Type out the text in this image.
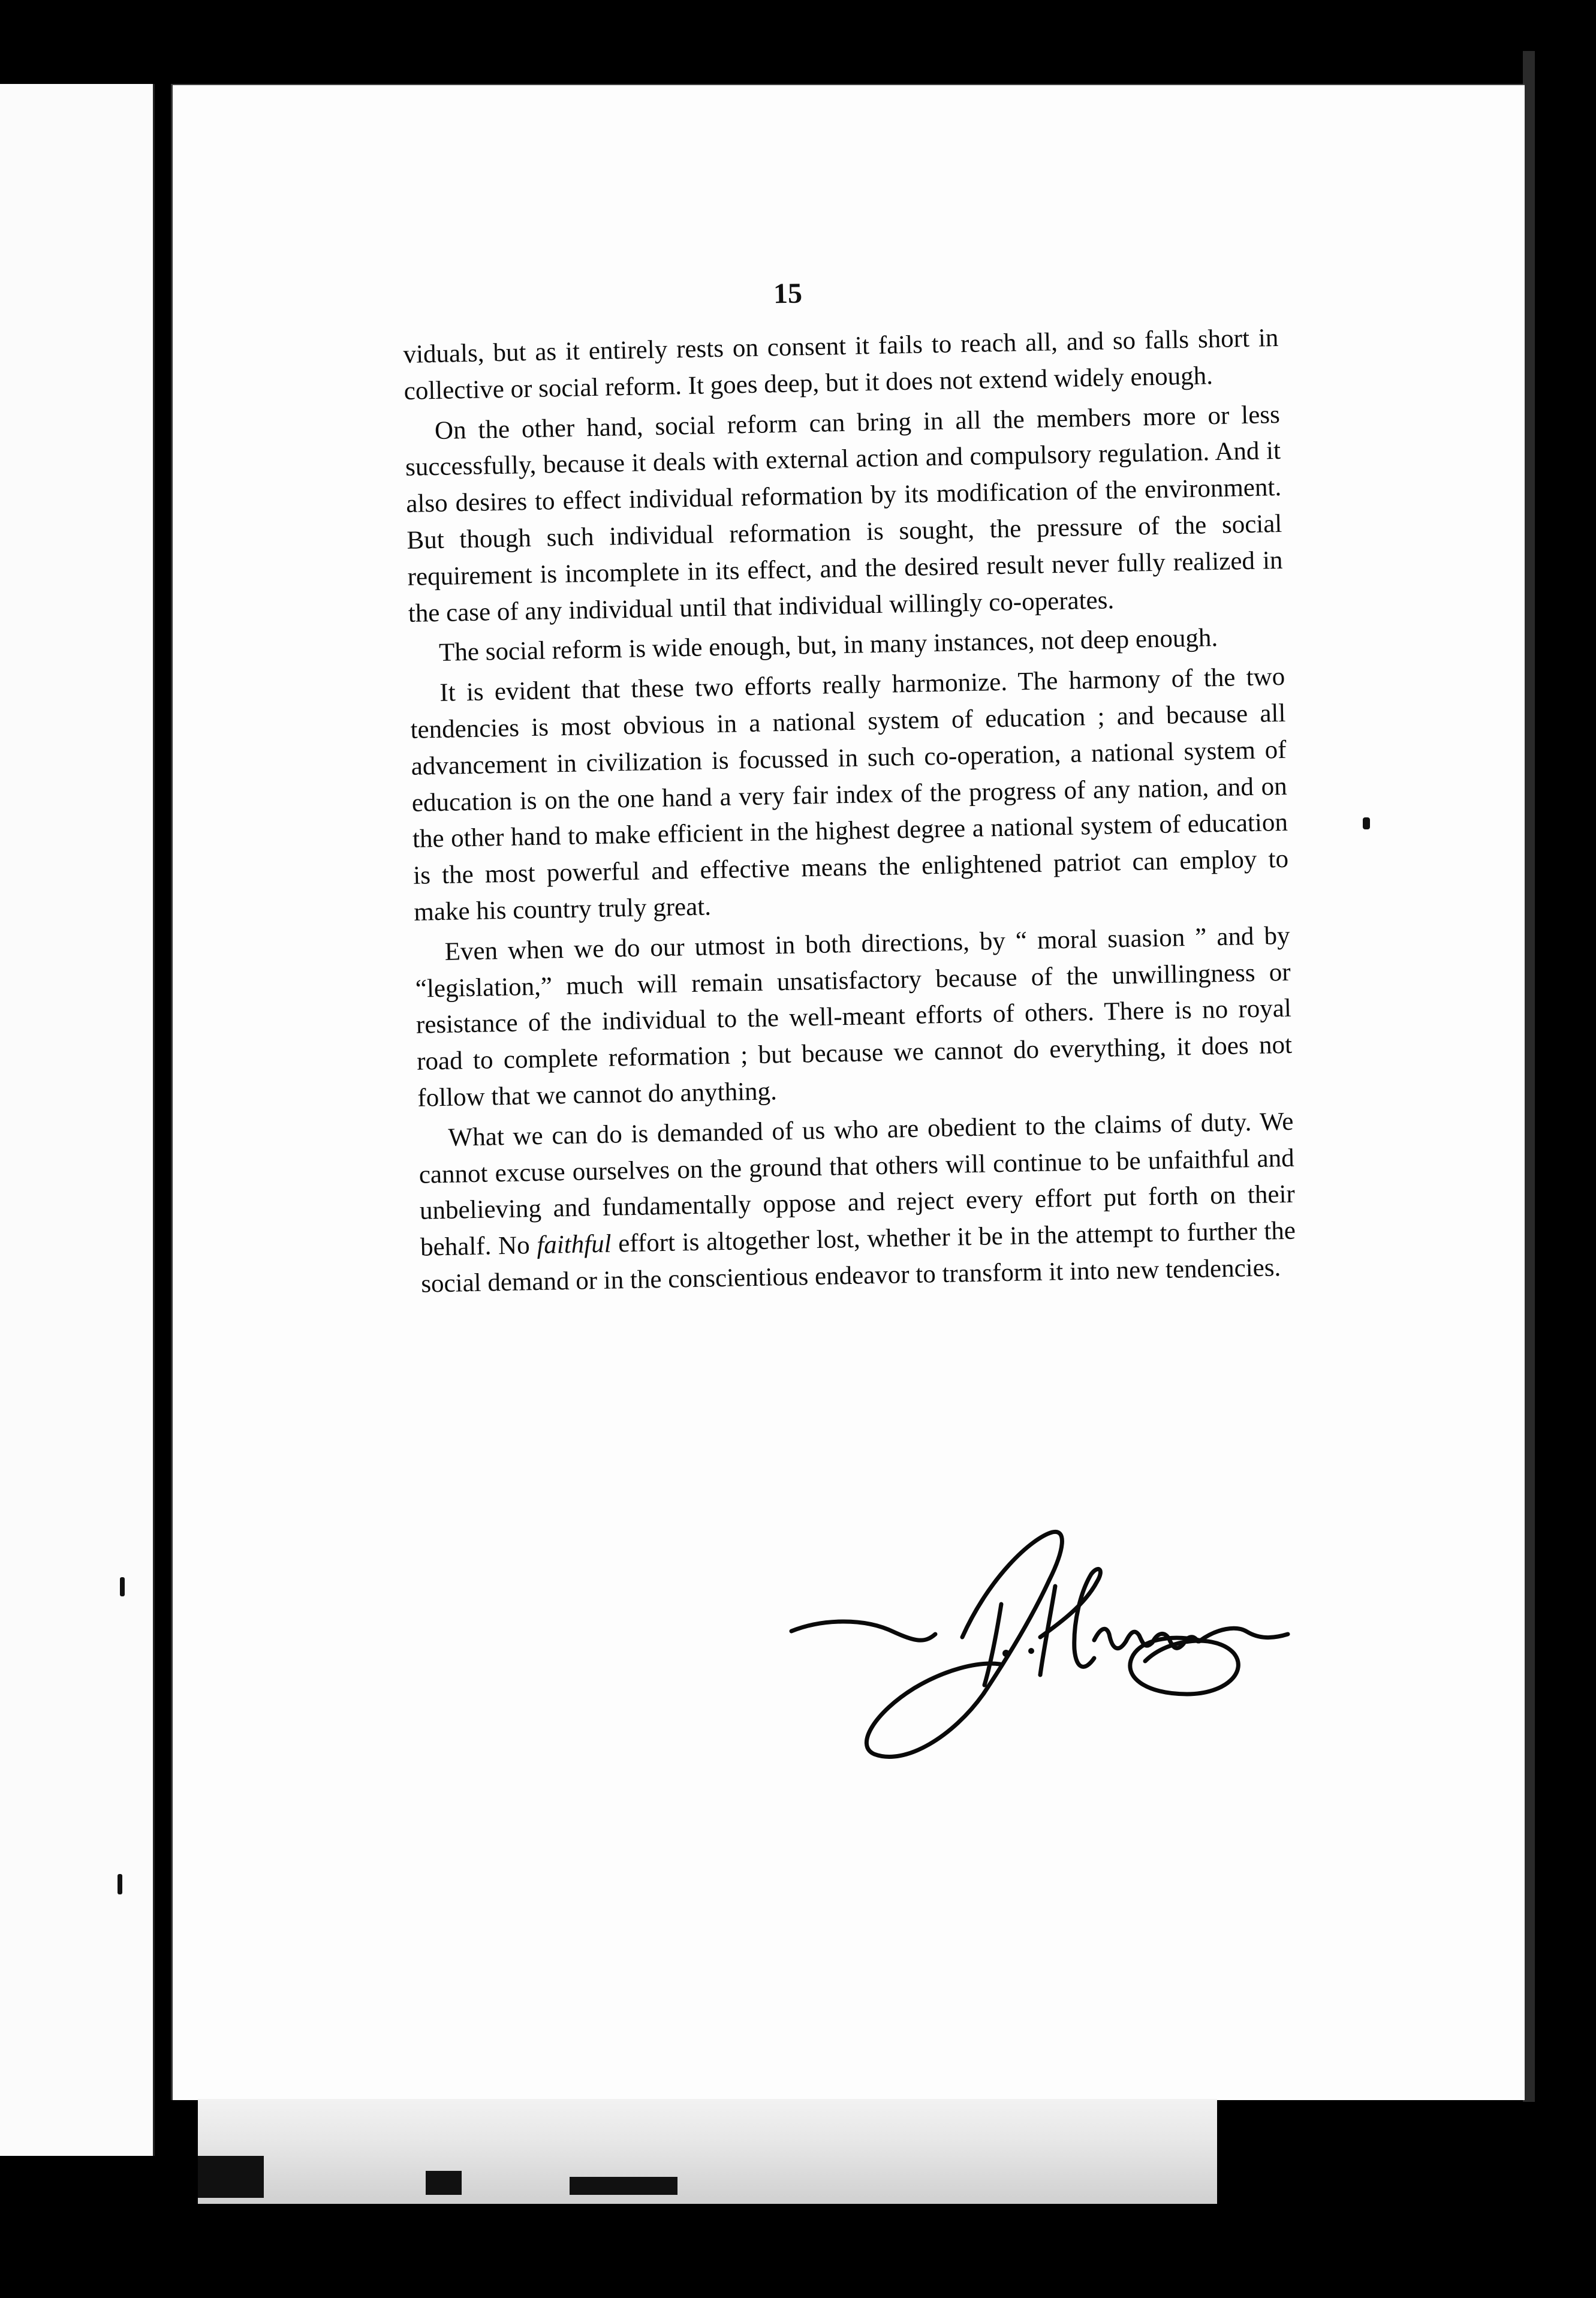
15

viduals, but as it entirely rests on consent it fails to reach all, and so falls short in collective or social reform. It goes deep, but it does not extend widely enough.

On the other hand, social reform can bring in all the members more or less successfully, because it deals with external action and compulsory regulation. And it also desires to effect individual reformation by its modification of the environment. But though such individual reformation is sought, the pressure of the social requirement is incomplete in its effect, and the desired result never fully realized in the case of any individual until that individual willingly co-operates.

The social reform is wide enough, but, in many instances, not deep enough.

It is evident that these two efforts really harmonize. The harmony of the two tendencies is most obvious in a national system of education ; and because all advancement in civilization is focussed in such co-operation, a national system of education is on the one hand a very fair index of the progress of any nation, and on the other hand to make efficient in the highest degree a national system of education is the most powerful and effective means the enlightened patriot can employ to make his country truly great.

Even when we do our utmost in both directions, by “ moral suasion ” and by “legislation,” much will remain unsatisfactory because of the unwillingness or resistance of the individual to the well-meant efforts of others. There is no royal road to complete reformation ; but because we cannot do everything, it does not follow that we cannot do anything.

What we can do is demanded of us who are obedient to the claims of duty. We cannot excuse ourselves on the ground that others will continue to be unfaithful and unbelieving and fundamentally oppose and reject every effort put forth on their behalf. No faithful effort is altogether lost, whether it be in the attempt to further the social demand or in the conscientious endeavor to transform it into new tendencies.
